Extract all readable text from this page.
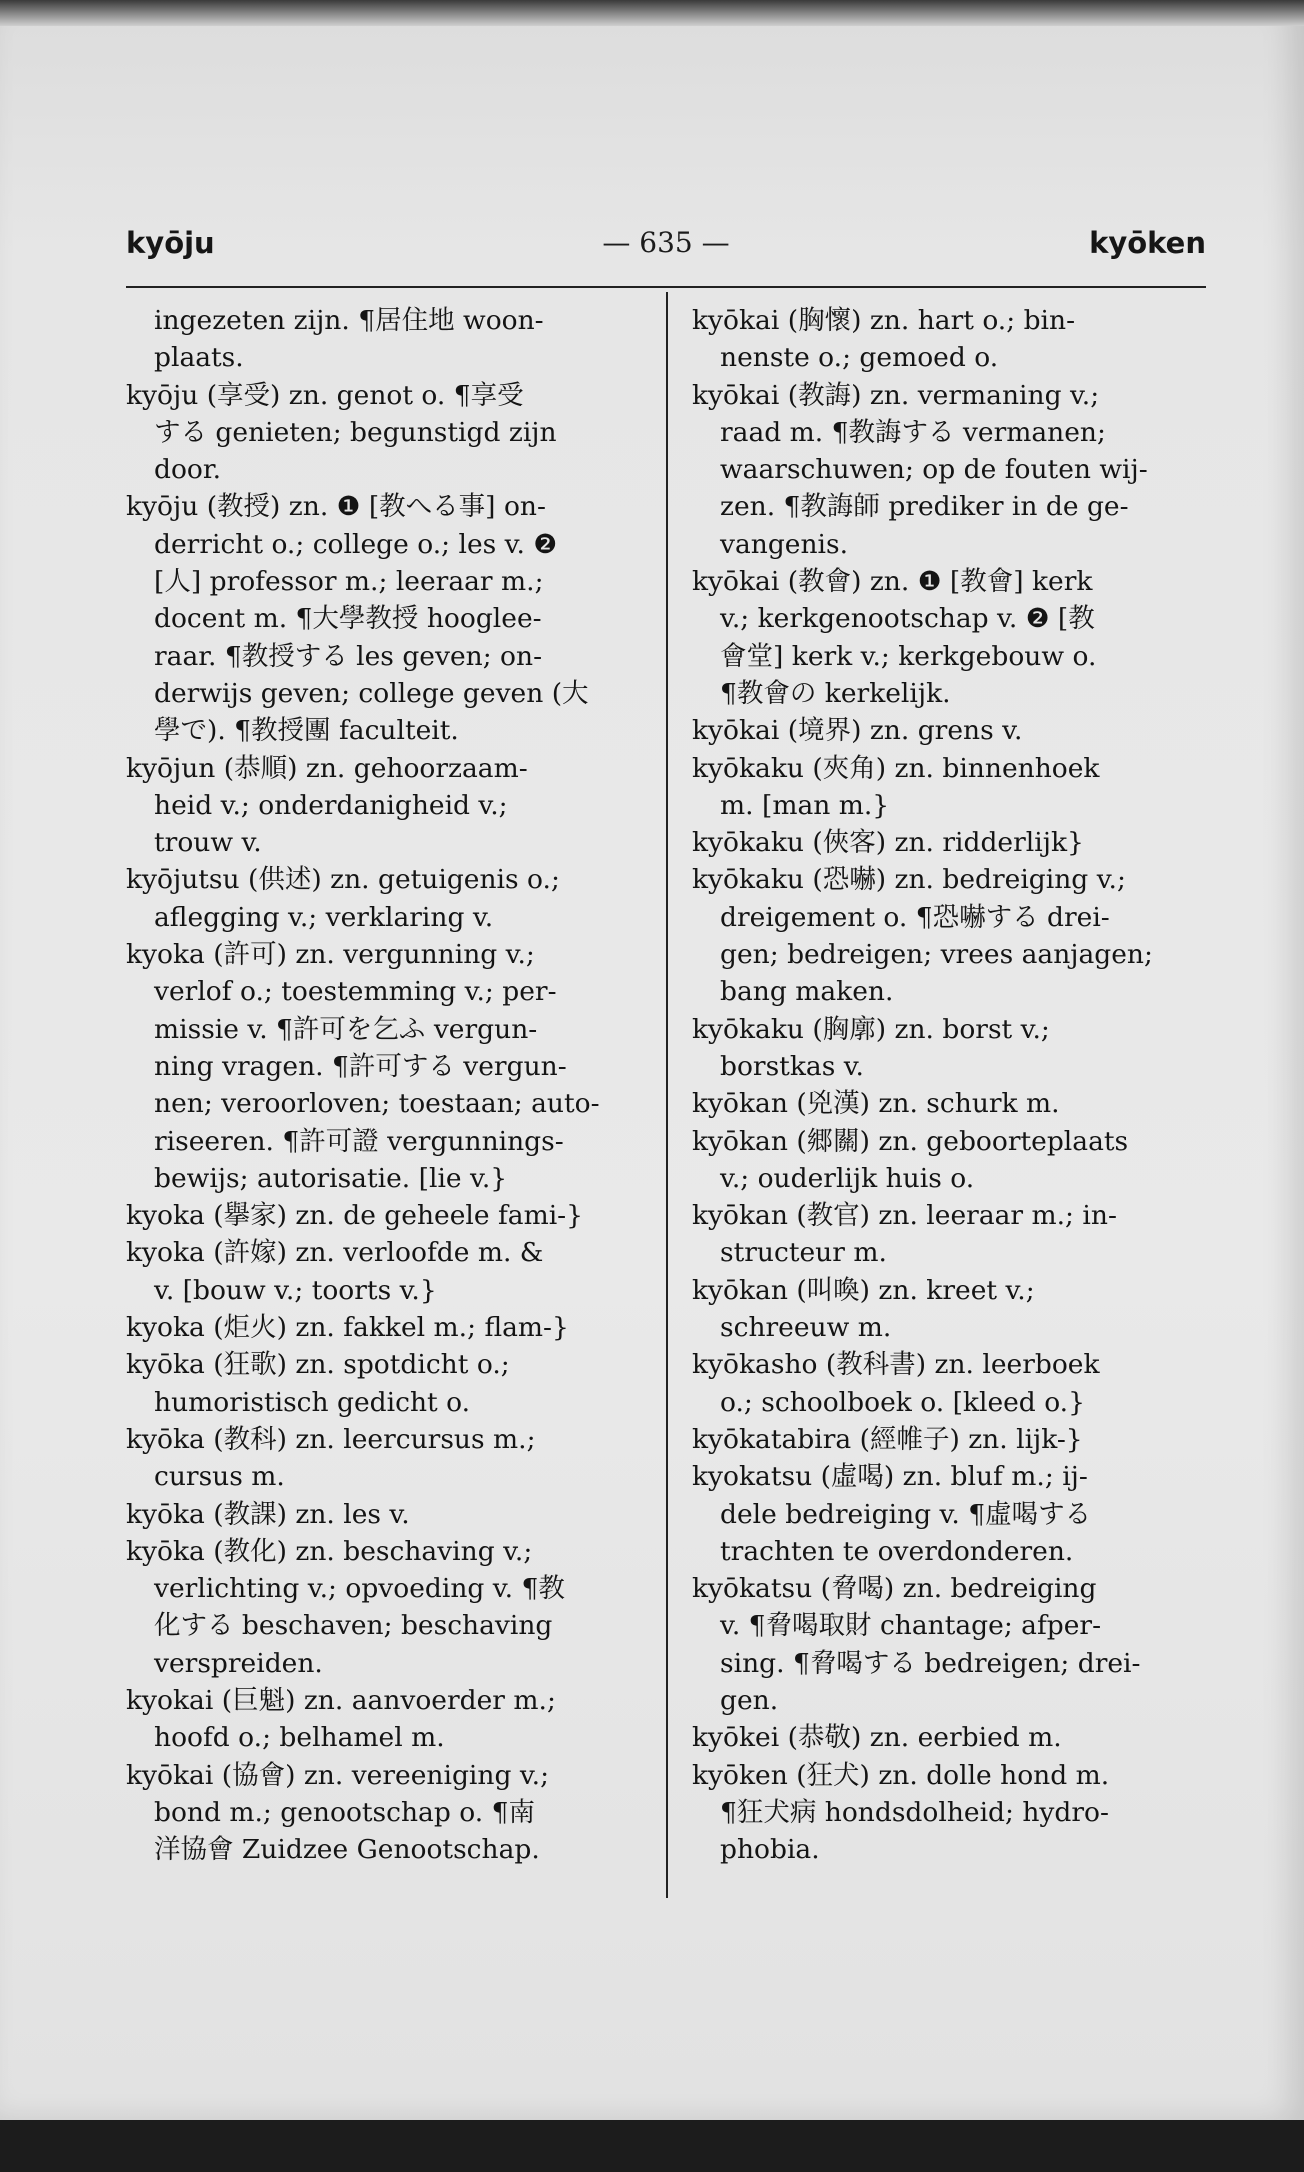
kyōju	— 635 —	kyōken
ingezeten zijn. ¶居住地 woon-
plaats.
kyōju (享受) zn. genot o. ¶享受
する genieten; begunstigd zijn
door.
kyōju (教授) zn. ❶ [教へる事] on-
derricht o.; college o.; les v. ❷
[人] professor m.; leeraar m.;
docent m. ¶大學教授 hooglee-
raar. ¶教授する les geven; on-
derwijs geven; college geven (大
學で). ¶教授團 faculteit.
kyōjun (恭順) zn. gehoorzaam-
heid v.; onderdanigheid v.;
trouw v.
kyōjutsu (供述) zn. getuigenis o.;
aflegging v.; verklaring v.
kyoka (許可) zn. vergunning v.;
verlof o.; toestemming v.; per-
missie v. ¶許可を乞ふ vergun-
ning vragen. ¶許可する vergun-
nen; veroorloven; toestaan; auto-
riseeren. ¶許可證 vergunnings-
bewijs; autorisatie. [lie v.}
kyoka (擧家) zn. de geheele fami-}
kyoka (許嫁) zn. verloofde m. &
v. [bouw v.; toorts v.}
kyoka (炬火) zn. fakkel m.; flam-}
kyōka (狂歌) zn. spotdicht o.;
humoristisch gedicht o.
kyōka (教科) zn. leercursus m.;
cursus m.
kyōka (教課) zn. les v.
kyōka (教化) zn. beschaving v.;
verlichting v.; opvoeding v. ¶教
化する beschaven; beschaving
verspreiden.
kyokai (巨魁) zn. aanvoerder m.;
hoofd o.; belhamel m.
kyōkai (協會) zn. vereeniging v.;
bond m.; genootschap o. ¶南
洋協會 Zuidzee Genootschap.
kyōkai (胸懷) zn. hart o.; bin-
nenste o.; gemoed o.
kyōkai (教誨) zn. vermaning v.;
raad m. ¶教誨する vermanen;
waarschuwen; op de fouten wij-
zen. ¶教誨師 prediker in de ge-
vangenis.
kyōkai (教會) zn. ❶ [教會] kerk
v.; kerkgenootschap v. ❷ [教
會堂] kerk v.; kerkgebouw o.
¶教會の kerkelijk.
kyōkai (境界) zn. grens v.
kyōkaku (夾角) zn. binnenhoek
m. [man m.}
kyōkaku (俠客) zn. ridderlijk}
kyōkaku (恐嚇) zn. bedreiging v.;
dreigement o. ¶恐嚇する drei-
gen; bedreigen; vrees aanjagen;
bang maken.
kyōkaku (胸廓) zn. borst v.;
borstkas v.
kyōkan (兇漢) zn. schurk m.
kyōkan (郷關) zn. geboorteplaats
v.; ouderlijk huis o.
kyōkan (教官) zn. leeraar m.; in-
structeur m.
kyōkan (叫喚) zn. kreet v.;
schreeuw m.
kyōkasho (教科書) zn. leerboek
o.; schoolboek o. [kleed o.}
kyōkatabira (經帷子) zn. lijk-}
kyokatsu (虛喝) zn. bluf m.; ij-
dele bedreiging v. ¶虛喝する
trachten te overdonderen.
kyōkatsu (脅喝) zn. bedreiging
v. ¶脅喝取財 chantage; afper-
sing. ¶脅喝する bedreigen; drei-
gen.
kyōkei (恭敬) zn. eerbied m.
kyōken (狂犬) zn. dolle hond m.
¶狂犬病 hondsdolheid; hydro-
phobia.
